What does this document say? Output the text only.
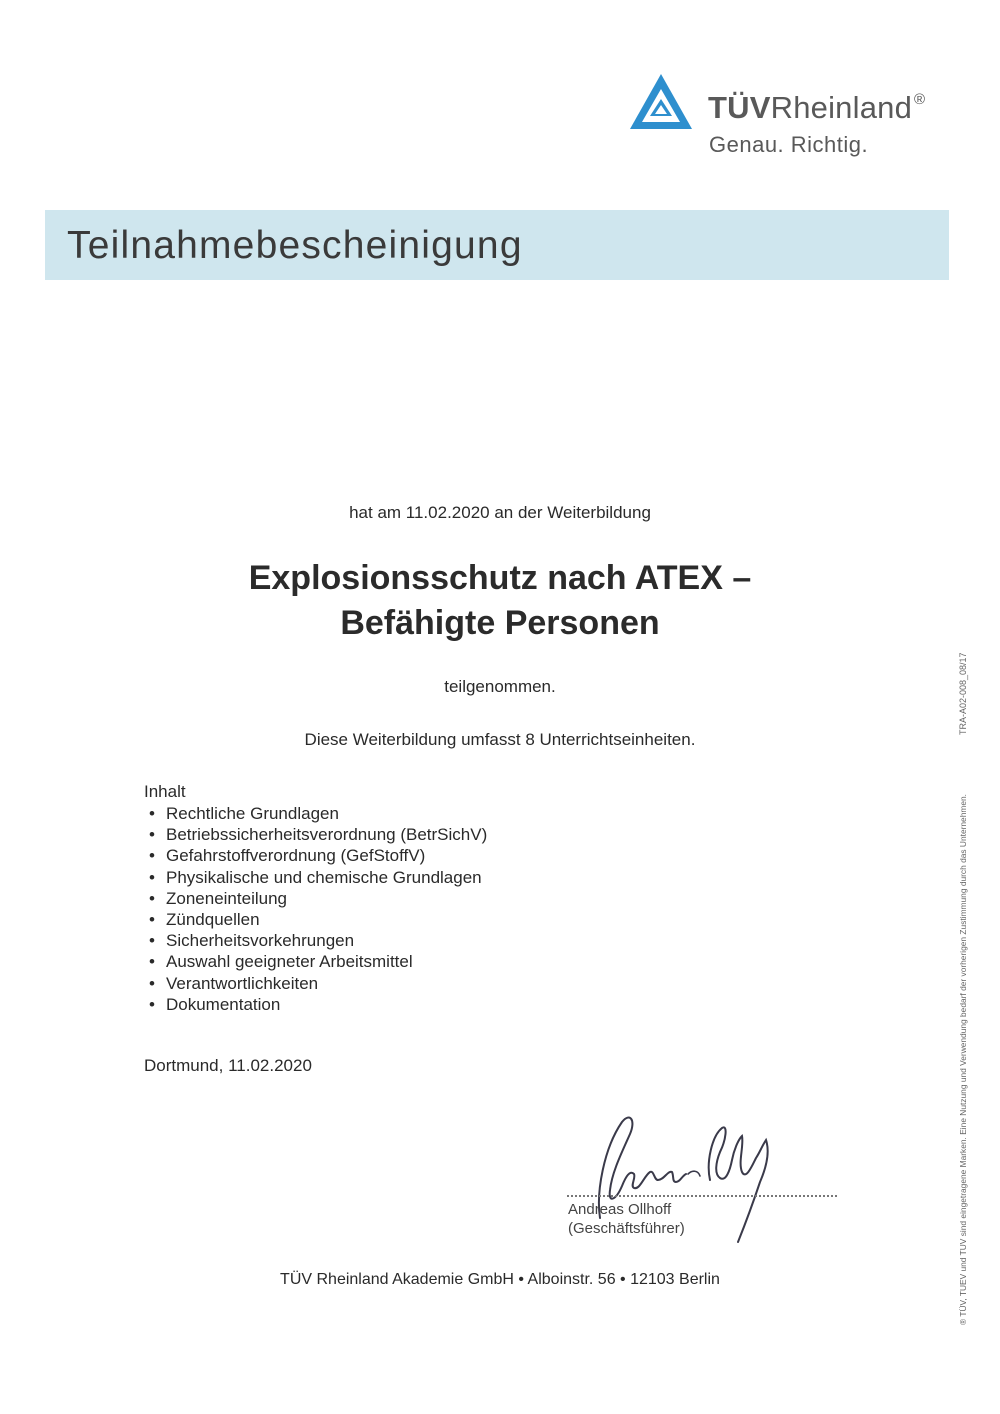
TÜVRheinland ®
Genau. Richtig.
Teilnahmebescheinigung
hat am 11.02.2020 an der Weiterbildung
Explosionsschutz nach ATEX –
Befähigte Personen
teilgenommen.
Diese Weiterbildung umfasst 8 Unterrichtseinheiten.
Inhalt
• Rechtliche Grundlagen
• Betriebssicherheitsverordnung (BetrSichV)
• Gefahrstoffverordnung (GefStoffV)
• Physikalische und chemische Grundlagen
• Zoneneinteilung
• Zündquellen
• Sicherheitsvorkehrungen
• Auswahl geeigneter Arbeitsmittel
• Verantwortlichkeiten
• Dokumentation
Dortmund, 11.02.2020
Andreas Ollhoff
(Geschäftsführer)
TÜV Rheinland Akademie GmbH • Alboinstr. 56 • 12103 Berlin
TRA-A02-008_08/17
® TÜV, TUEV und TUV sind eingetragene Marken. Eine Nutzung und Verwendung bedarf der vorherigen Zustimmung durch das Unternehmen.
